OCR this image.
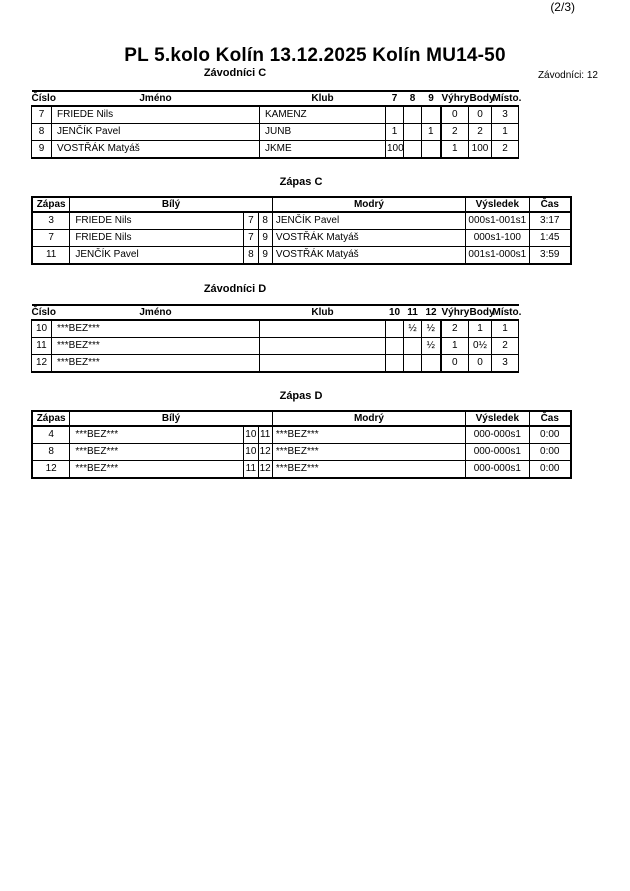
(2/3)
PL 5.kolo Kolín 13.12.2025 Kolín MU14-50
Závodníci: 12
Závodníci C
Číslo	Jméno	Klub	7	8	9	Výhry	Body	Místo.
7	FRIEDE Nils	KAMENZ				0	0	3
8	JENČÍK Pavel	JUNB	1		1	2	2	1
9	VOSTŘÁK Matyáš	JKME	100			1	100	2
Zápas C
Zápas	Bílý			Modrý	Výsledek	Čas
3	FRIEDE Nils	7	8	JENČÍK Pavel	000s1-001s1	3:17
7	FRIEDE Nils	7	9	VOSTŘÁK Matyáš	000s1-100	1:45
11	JENČÍK Pavel	8	9	VOSTŘÁK Matyáš	001s1-000s1	3:59
Závodníci D
Číslo	Jméno	Klub	10	11	12	Výhry	Body	Místo.
10	***BEZ***			½	½	2	1	1
11	***BEZ***				½	1	0½	2
12	***BEZ***					0	0	3
Zápas D
Zápas	Bílý			Modrý	Výsledek	Čas
4	***BEZ***	10	11	***BEZ***	000-000s1	0:00
8	***BEZ***	10	12	***BEZ***	000-000s1	0:00
12	***BEZ***	11	12	***BEZ***	000-000s1	0:00
